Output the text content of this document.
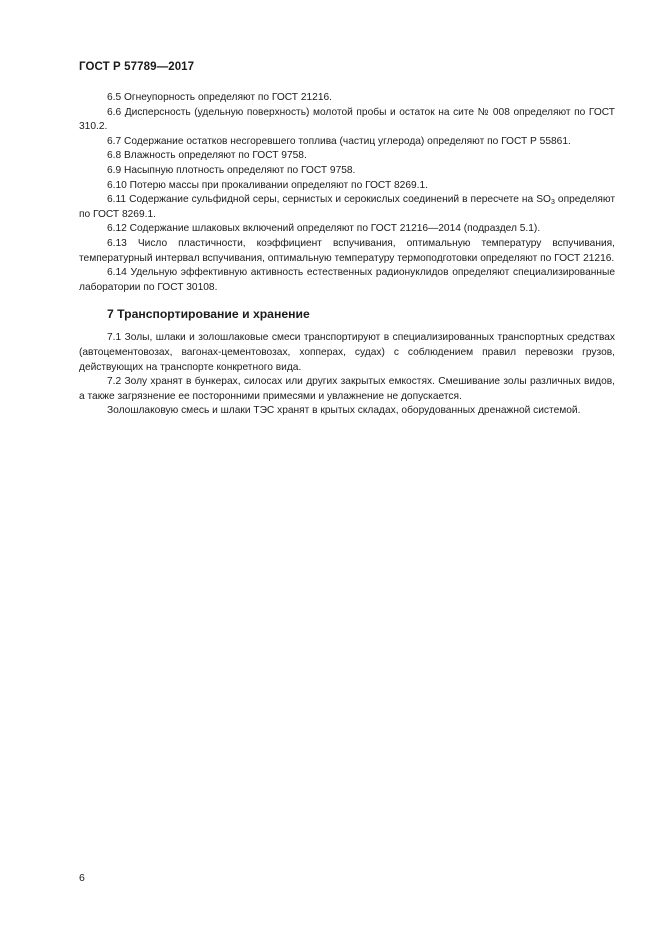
ГОСТ Р 57789—2017

6.5 Огнеупорность определяют по ГОСТ 21216.

6.6 Дисперсность (удельную поверхность) молотой пробы и остаток на сите № 008 определяют по ГОСТ 310.2.

6.7 Содержание остатков несгоревшего топлива (частиц углерода) определяют по ГОСТ Р 55861.

6.8 Влажность определяют по ГОСТ 9758.

6.9 Насыпную плотность определяют по ГОСТ 9758.

6.10 Потерю массы при прокаливании определяют по ГОСТ 8269.1.

6.11 Содержание сульфидной серы, сернистых и серокислых соединений в пересчете на $SO_3$ определяют по ГОСТ 8269.1.

6.12 Содержание шлаковых включений определяют по ГОСТ 21216—2014 (подраздел 5.1).

6.13 Число пластичности, коэффициент вспучивания, оптимальную температуру вспучивания, температурный интервал вспучивания, оптимальную температуру термоподготовки определяют по ГОСТ 21216.

6.14 Удельную эффективную активность естественных радионуклидов определяют специализированные лаборатории по ГОСТ 30108.

7 Транспортирование и хранение

7.1 Золы, шлаки и золошлаковые смеси транспортируют в специализированных транспортных средствах (автоцементовозах, вагонах-цементовозах, хопперах, судах) с соблюдением правил перевозки грузов, действующих на транспорте конкретного вида.

7.2 Золу хранят в бункерах, силосах или других закрытых емкостях. Смешивание золы различных видов, а также загрязнение ее посторонними примесями и увлажнение не допускается.

Золошлаковую смесь и шлаки ТЭС хранят в крытых складах, оборудованных дренажной системой.

6
